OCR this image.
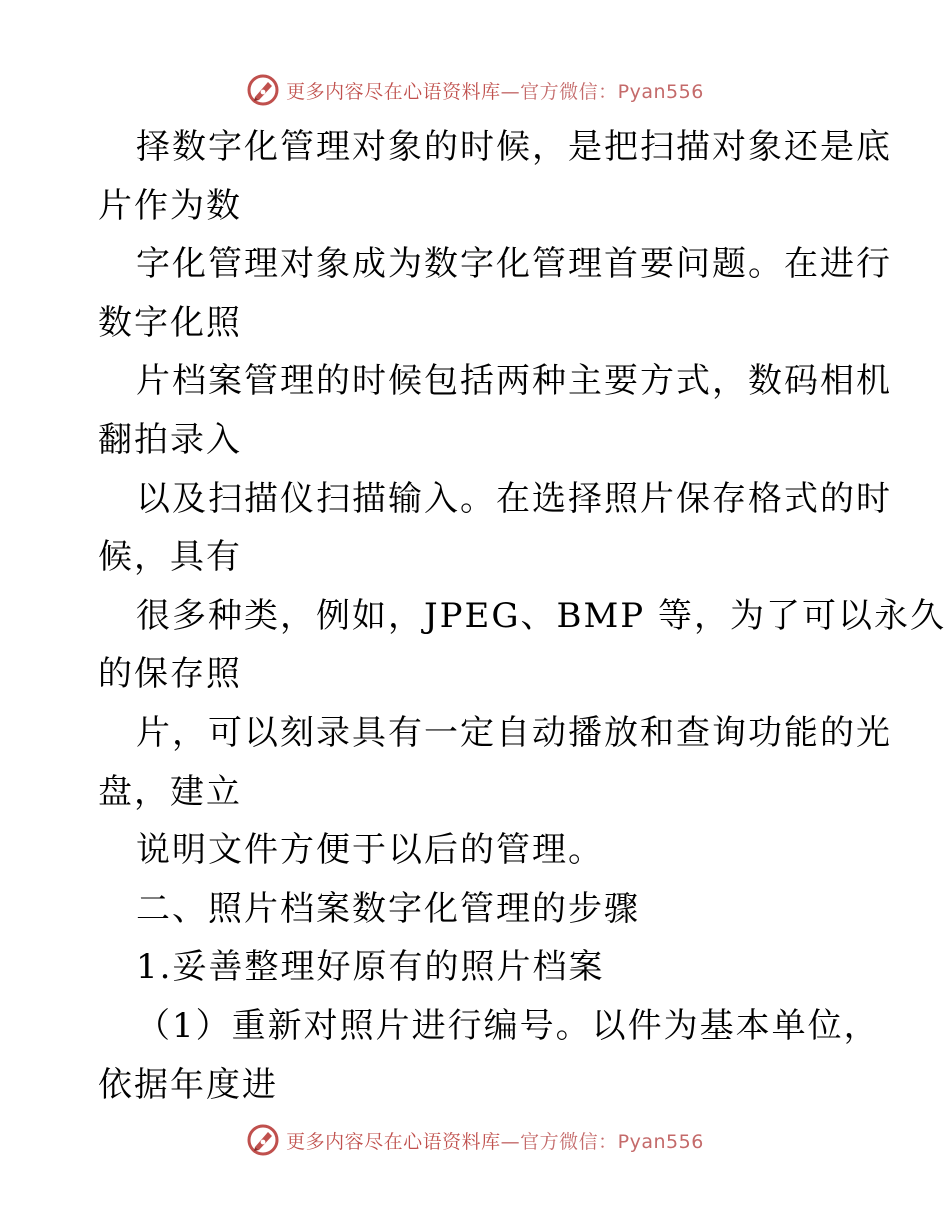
更多内容尽在心语资料库—官方微信：Pyan556
择数字化管理对象的时候，是把扫描对象还是底
片作为数
字化管理对象成为数字化管理首要问题。在进行
数字化照
片档案管理的时候包括两种主要方式，数码相机
翻拍录入
以及扫描仪扫描输入。在选择照片保存格式的时
候，具有
很多种类，例如，JPEG、BMP 等，为了可以永久
的保存照
片，可以刻录具有一定自动播放和查询功能的光
盘，建立
说明文件方便于以后的管理。
二、照片档案数字化管理的步骤
1.妥善整理好原有的照片档案
（1）重新对照片进行编号。以件为基本单位，
依据年度进
更多内容尽在心语资料库—官方微信：Pyan556
